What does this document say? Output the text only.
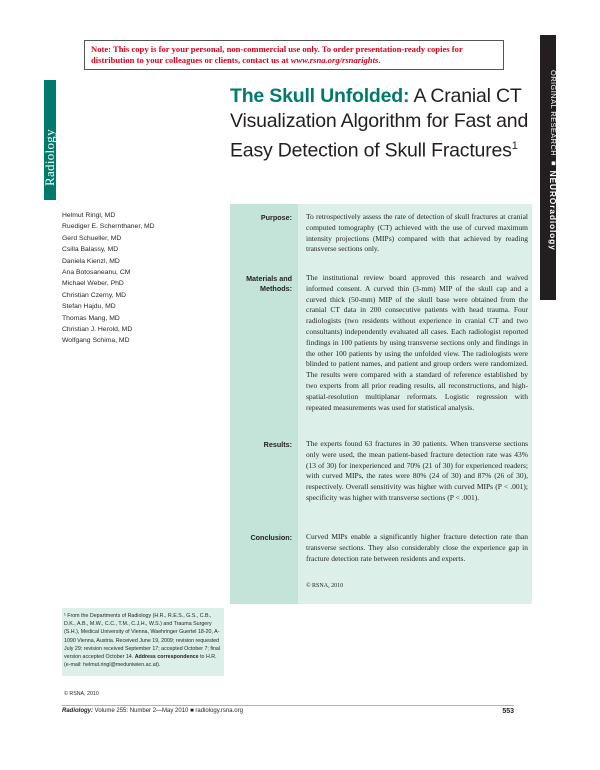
Note: This copy is for your personal, non-commercial use only. To order presentation-ready copies for distribution to your colleagues or clients, contact us at www.rsna.org/rsnarights.
Radiology
ORIGINAL RESEARCH ■ NEUROradiology
The Skull Unfolded: A Cranial CT Visualization Algorithm for Fast and Easy Detection of Skull Fractures$^1$
Helmut Ringl, MD
Ruediger E. Schernthaner, MD
Gerd Schueller, MD
Csilla Balassy, MD
Daniela Kienzl, MD
Ana Botosaneanu, CM
Michael Weber, PhD
Christian Czerny, MD
Stefan Hajdu, MD
Thomas Mang, MD
Christian J. Herold, MD
Wolfgang Schima, MD
Purpose: To retrospectively assess the rate of detection of skull fractures at cranial computed tomography (CT) achieved with the use of curved maximum intensity projections (MIPs) compared with that achieved by reading transverse sections only.
Materials and Methods:
The institutional review board approved this research and waived informed consent. A curved thin (3-mm) MIP of the skull cap and a curved thick (50-mm) MIP of the skull base were obtained from the cranial CT data in 200 consecutive patients with head trauma. Four radiologists (two residents without experience in cranial CT and two consultants) independently evaluated all cases. Each radiologist reported findings in 100 patients by using transverse sections only and findings in the other 100 patients by using the unfolded view. The radiologists were blinded to patient names, and patient and group orders were randomized. The results were compared with a standard of reference established by two experts from all prior reading results, all reconstructions, and high-spatial-resolution multiplanar reformats. Logistic regression with repeated measurements was used for statistical analysis.
Results: The experts found 63 fractures in 30 patients. When transverse sections only were used, the mean patient-based fracture detection rate was 43% (13 of 30) for inexperienced and 70% (21 of 30) for experienced readers; with curved MIPs, the rates were 80% (24 of 30) and 87% (26 of 30), respectively. Overall sensitivity was higher with curved MIPs (P < .001); specificity was higher with transverse sections (P < .001).
Conclusion: Curved MIPs enable a significantly higher fracture detection rate than transverse sections. They also considerably close the experience gap in fracture detection rate between residents and experts.
© RSNA, 2010
¹ From the Departments of Radiology (H.R., R.E.S., G.S., C.B., D.K., A.B., M.W., C.C., T.M., C.J.H., W.S.) and Trauma Surgery (S.H.), Medical University of Vienna, Waehringer Guertel 18-20, A-1090 Vienna, Austria. Received June 19, 2009; revision requested July 29; revision received September 17; accepted October 7; final version accepted October 14. Address correspondence to H.R. (e-mail: helmut.ringl@meduniwien.ac.at).
© RSNA, 2010
Radiology: Volume 255: Number 2—May 2010 ■ radiology.rsna.org	553
